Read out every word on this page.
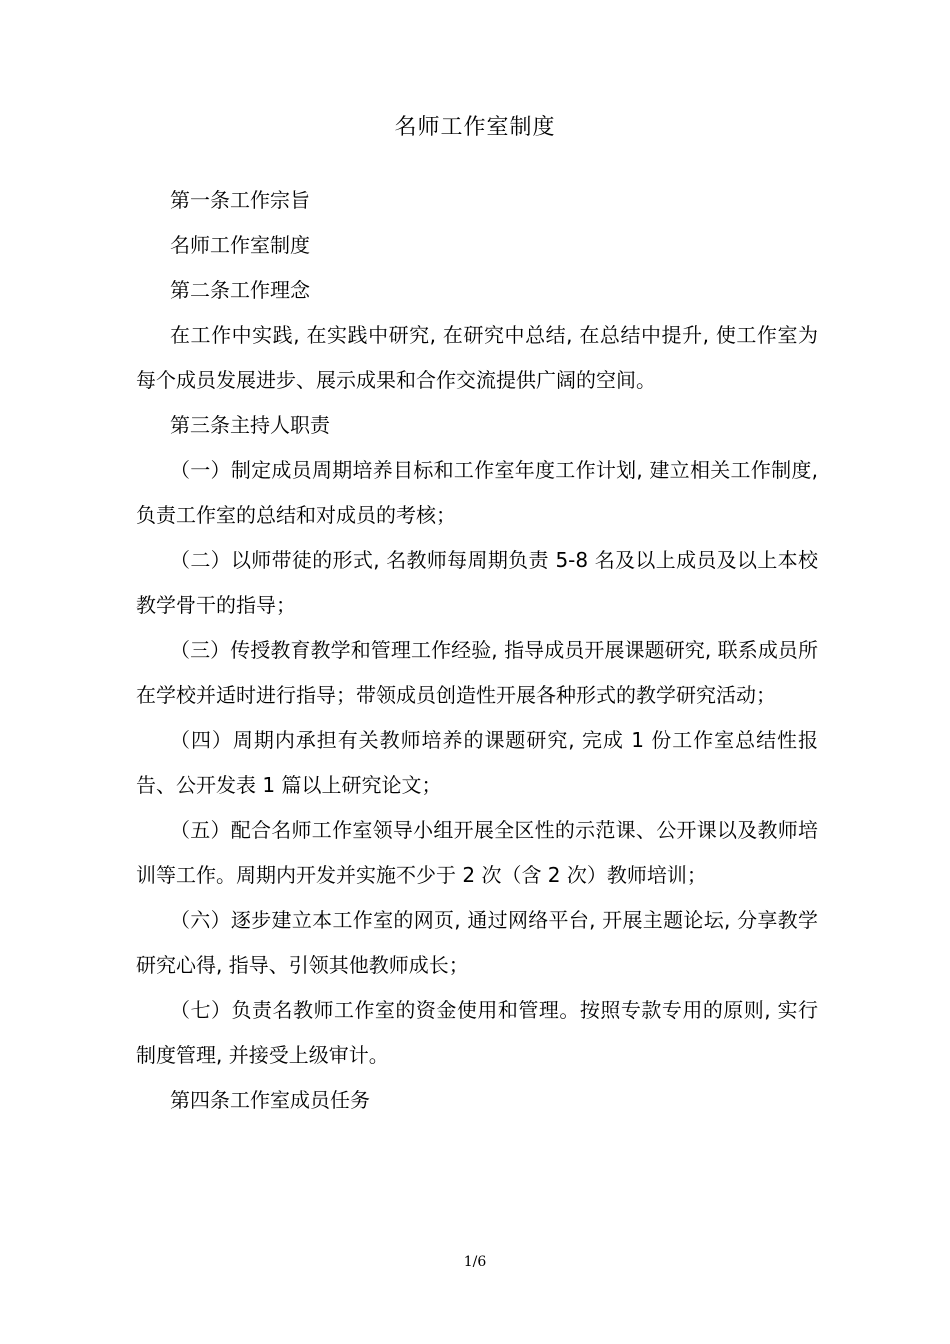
名师工作室制度

第一条工作宗旨

名师工作室制度

第二条工作理念

在工作中实践, 在实践中研究, 在研究中总结, 在总结中提升, 使工作室为每个成员发展进步、展示成果和合作交流提供广阔的空间。

第三条主持人职责

（一）制定成员周期培养目标和工作室年度工作计划, 建立相关工作制度, 负责工作室的总结和对成员的考核；

（二）以师带徒的形式, 名教师每周期负责 5-8 名及以上成员及以上本校教学骨干的指导；

（三）传授教育教学和管理工作经验, 指导成员开展课题研究, 联系成员所在学校并适时进行指导；带领成员创造性开展各种形式的教学研究活动；

（四）周期内承担有关教师培养的课题研究, 完成 1 份工作室总结性报告、公开发表 1 篇以上研究论文；

（五）配合名师工作室领导小组开展全区性的示范课、公开课以及教师培训等工作。周期内开发并实施不少于 2 次（含 2 次）教师培训；

（六）逐步建立本工作室的网页, 通过网络平台, 开展主题论坛, 分享教学研究心得, 指导、引领其他教师成长；

（七）负责名教师工作室的资金使用和管理。按照专款专用的原则, 实行制度管理, 并接受上级审计。

第四条工作室成员任务

1/6
